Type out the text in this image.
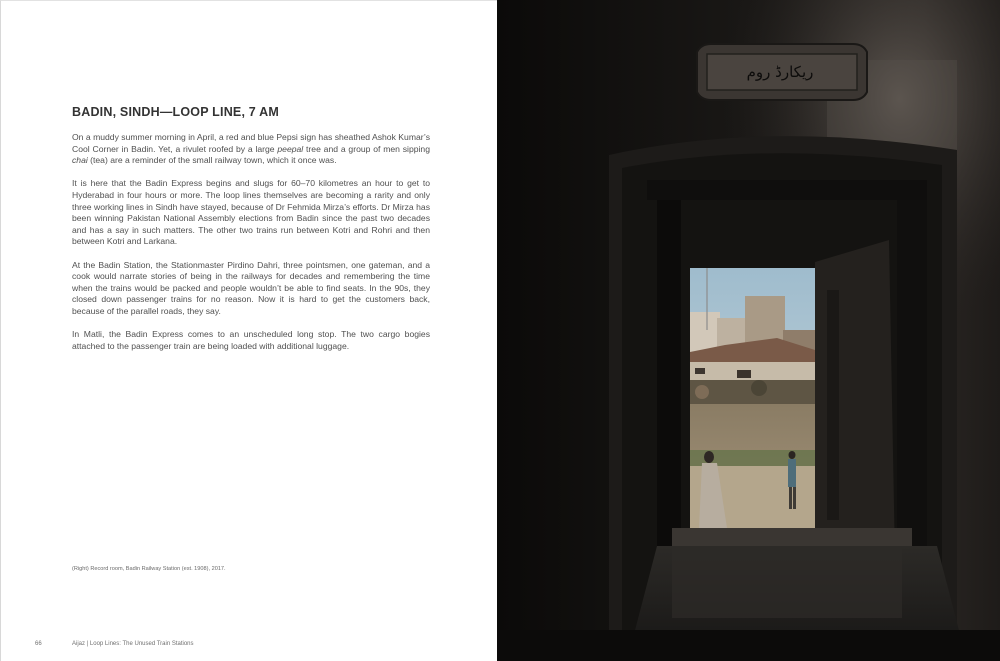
BADIN, SINDH—LOOP LINE, 7 AM

On a muddy summer morning in April, a red and blue Pepsi sign has sheathed Ashok Kumar’s Cool Corner in Badin. Yet, a rivulet roofed by a large peepal tree and a group of men sipping chai (tea) are a reminder of the small railway town, which it once was.

It is here that the Badin Express begins and slugs for 60–70 kilometres an hour to get to Hyderabad in four hours or more. The loop lines themselves are becoming a rarity and only three working lines in Sindh have stayed, because of Dr Fehmida Mirza’s efforts. Dr Mirza has been winning Pakistan National Assembly elections from Badin since the past two decades and has a say in such matters. The other two trains run between Kotri and Rohri and then between Kotri and Larkana.

At the Badin Station, the Stationmaster Pirdino Dahri, three pointsmen, one gateman, and a cook would narrate stories of being in the railways for decades and remembering the time when the trains would be packed and people wouldn’t be able to find seats. In the 90s, they closed down passenger trains for no reason. Now it is hard to get the customers back, because of the parallel roads, they say.

In Matli, the Badin Express comes to an unscheduled long stop. The two cargo bogies attached to the passenger train are being loaded with additional luggage.

(Right) Record room, Badin Railway Station (est. 1908), 2017.
66	Aijaz | Loop Lines: The Unused Train Stations
ریکارڈ روم
